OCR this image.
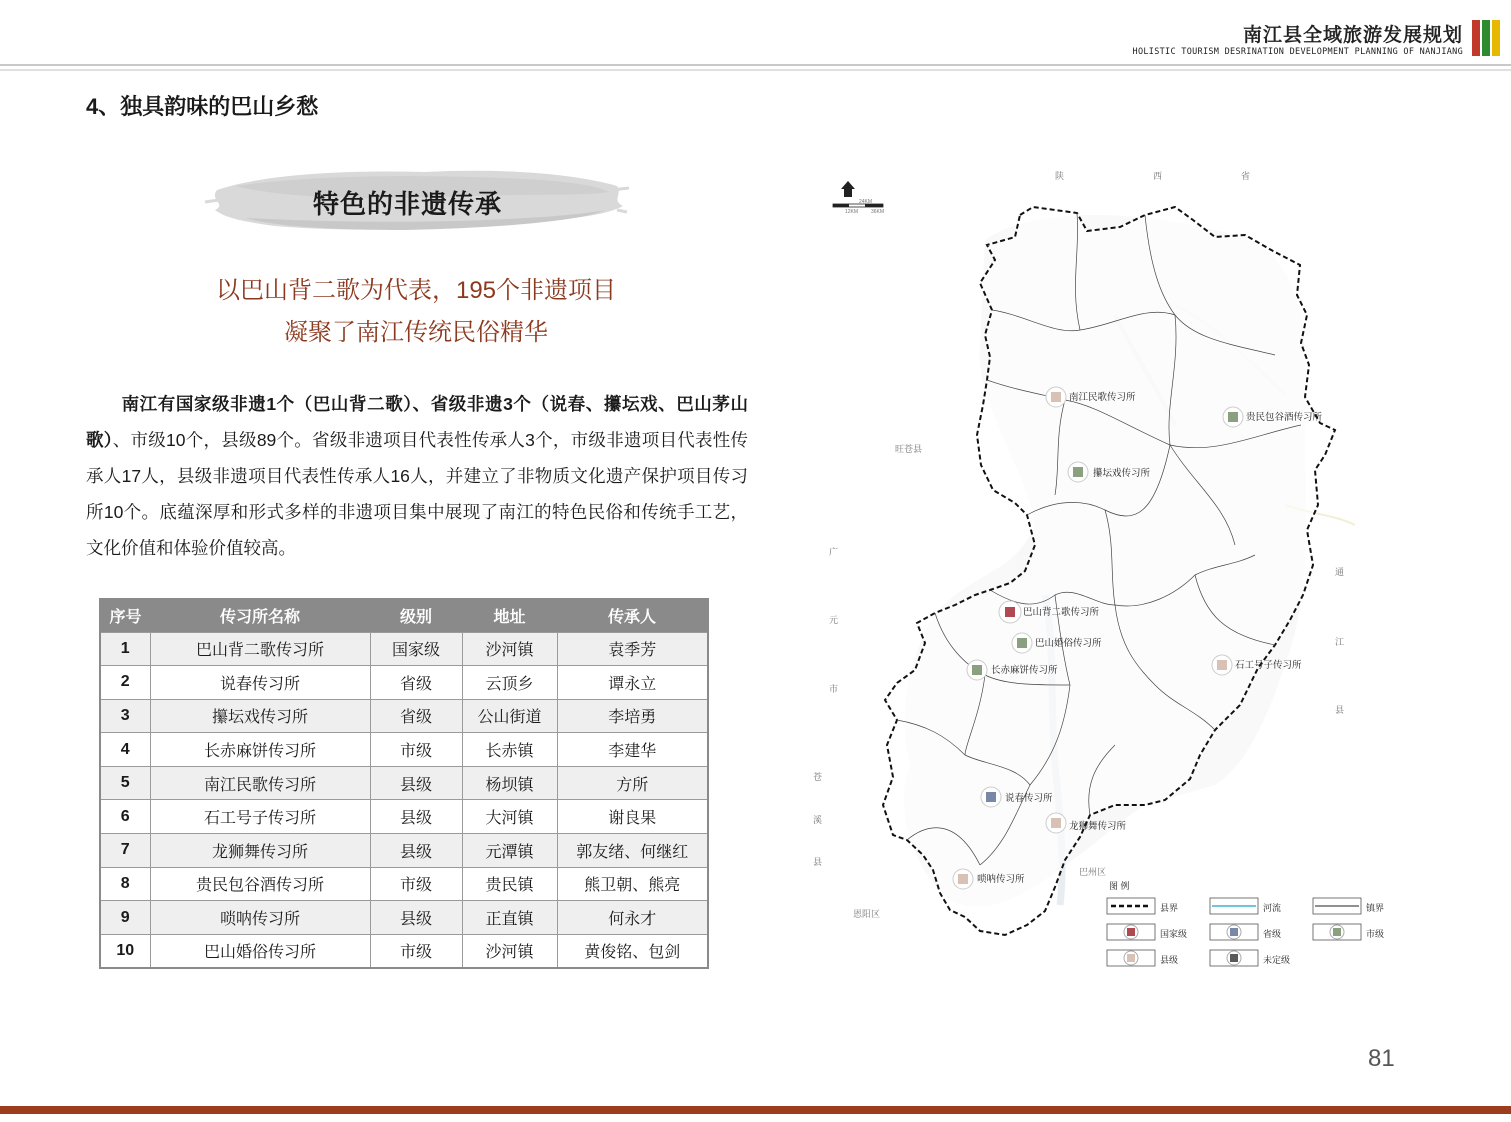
南江县全域旅游发展规划
HOLISTIC TOURISM DESRINATION DEVELOPMENT PLANNING OF NANJIANG
4、独具韵味的巴山乡愁
特色的非遗传承
以巴山背二歌为代表，195个非遗项目
凝聚了南江传统民俗精华
南江有国家级非遗1个（巴山背二歌）、省级非遗3个（说春、攥坛戏、巴山茅山歌）、市级10个，县级89个。省级非遗项目代表性传承人3个，市级非遗项目代表性传承人17人，县级非遗项目代表性传承人16人，并建立了非物质文化遗产保护项目传习所10个。底蕴深厚和形式多样的非遗项目集中展现了南江的特色民俗和传统手工艺，文化价值和体验价值较高。
序号	传习所名称	级别	地址	传承人
1	巴山背二歌传习所	国家级	沙河镇	袁季芳
2	说春传习所	省级	云顶乡	谭永立
3	攥坛戏传习所	省级	公山街道	李培勇
4	长赤麻饼传习所	市级	长赤镇	李建华
5	南江民歌传习所	县级	杨坝镇	方所
6	石工号子传习所	县级	大河镇	谢良果
7	龙狮舞传习所	县级	元潭镇	郭友绪、何继红
8	贵民包谷酒传习所	市级	贵民镇	熊卫朝、熊亮
9	唢呐传习所	县级	正直镇	何永才
10	巴山婚俗传习所	市级	沙河镇	黄俊铭、包剑
24KM
12KM	36KM
陕	西	省
旺苍县
广
元
市
通
江
县
苍
溪
县
巴州区
恩阳区
南江民歌传习所
贵民包谷酒传习所
攥坛戏传习所
巴山背二歌传习所
巴山婚俗传习所
长赤麻饼传习所	石工号子传习所
说春传习所
龙狮舞传习所
唢呐传习所
图 例
县界	河流	镇界
国家级	省级	市级
县级	未定级
81
